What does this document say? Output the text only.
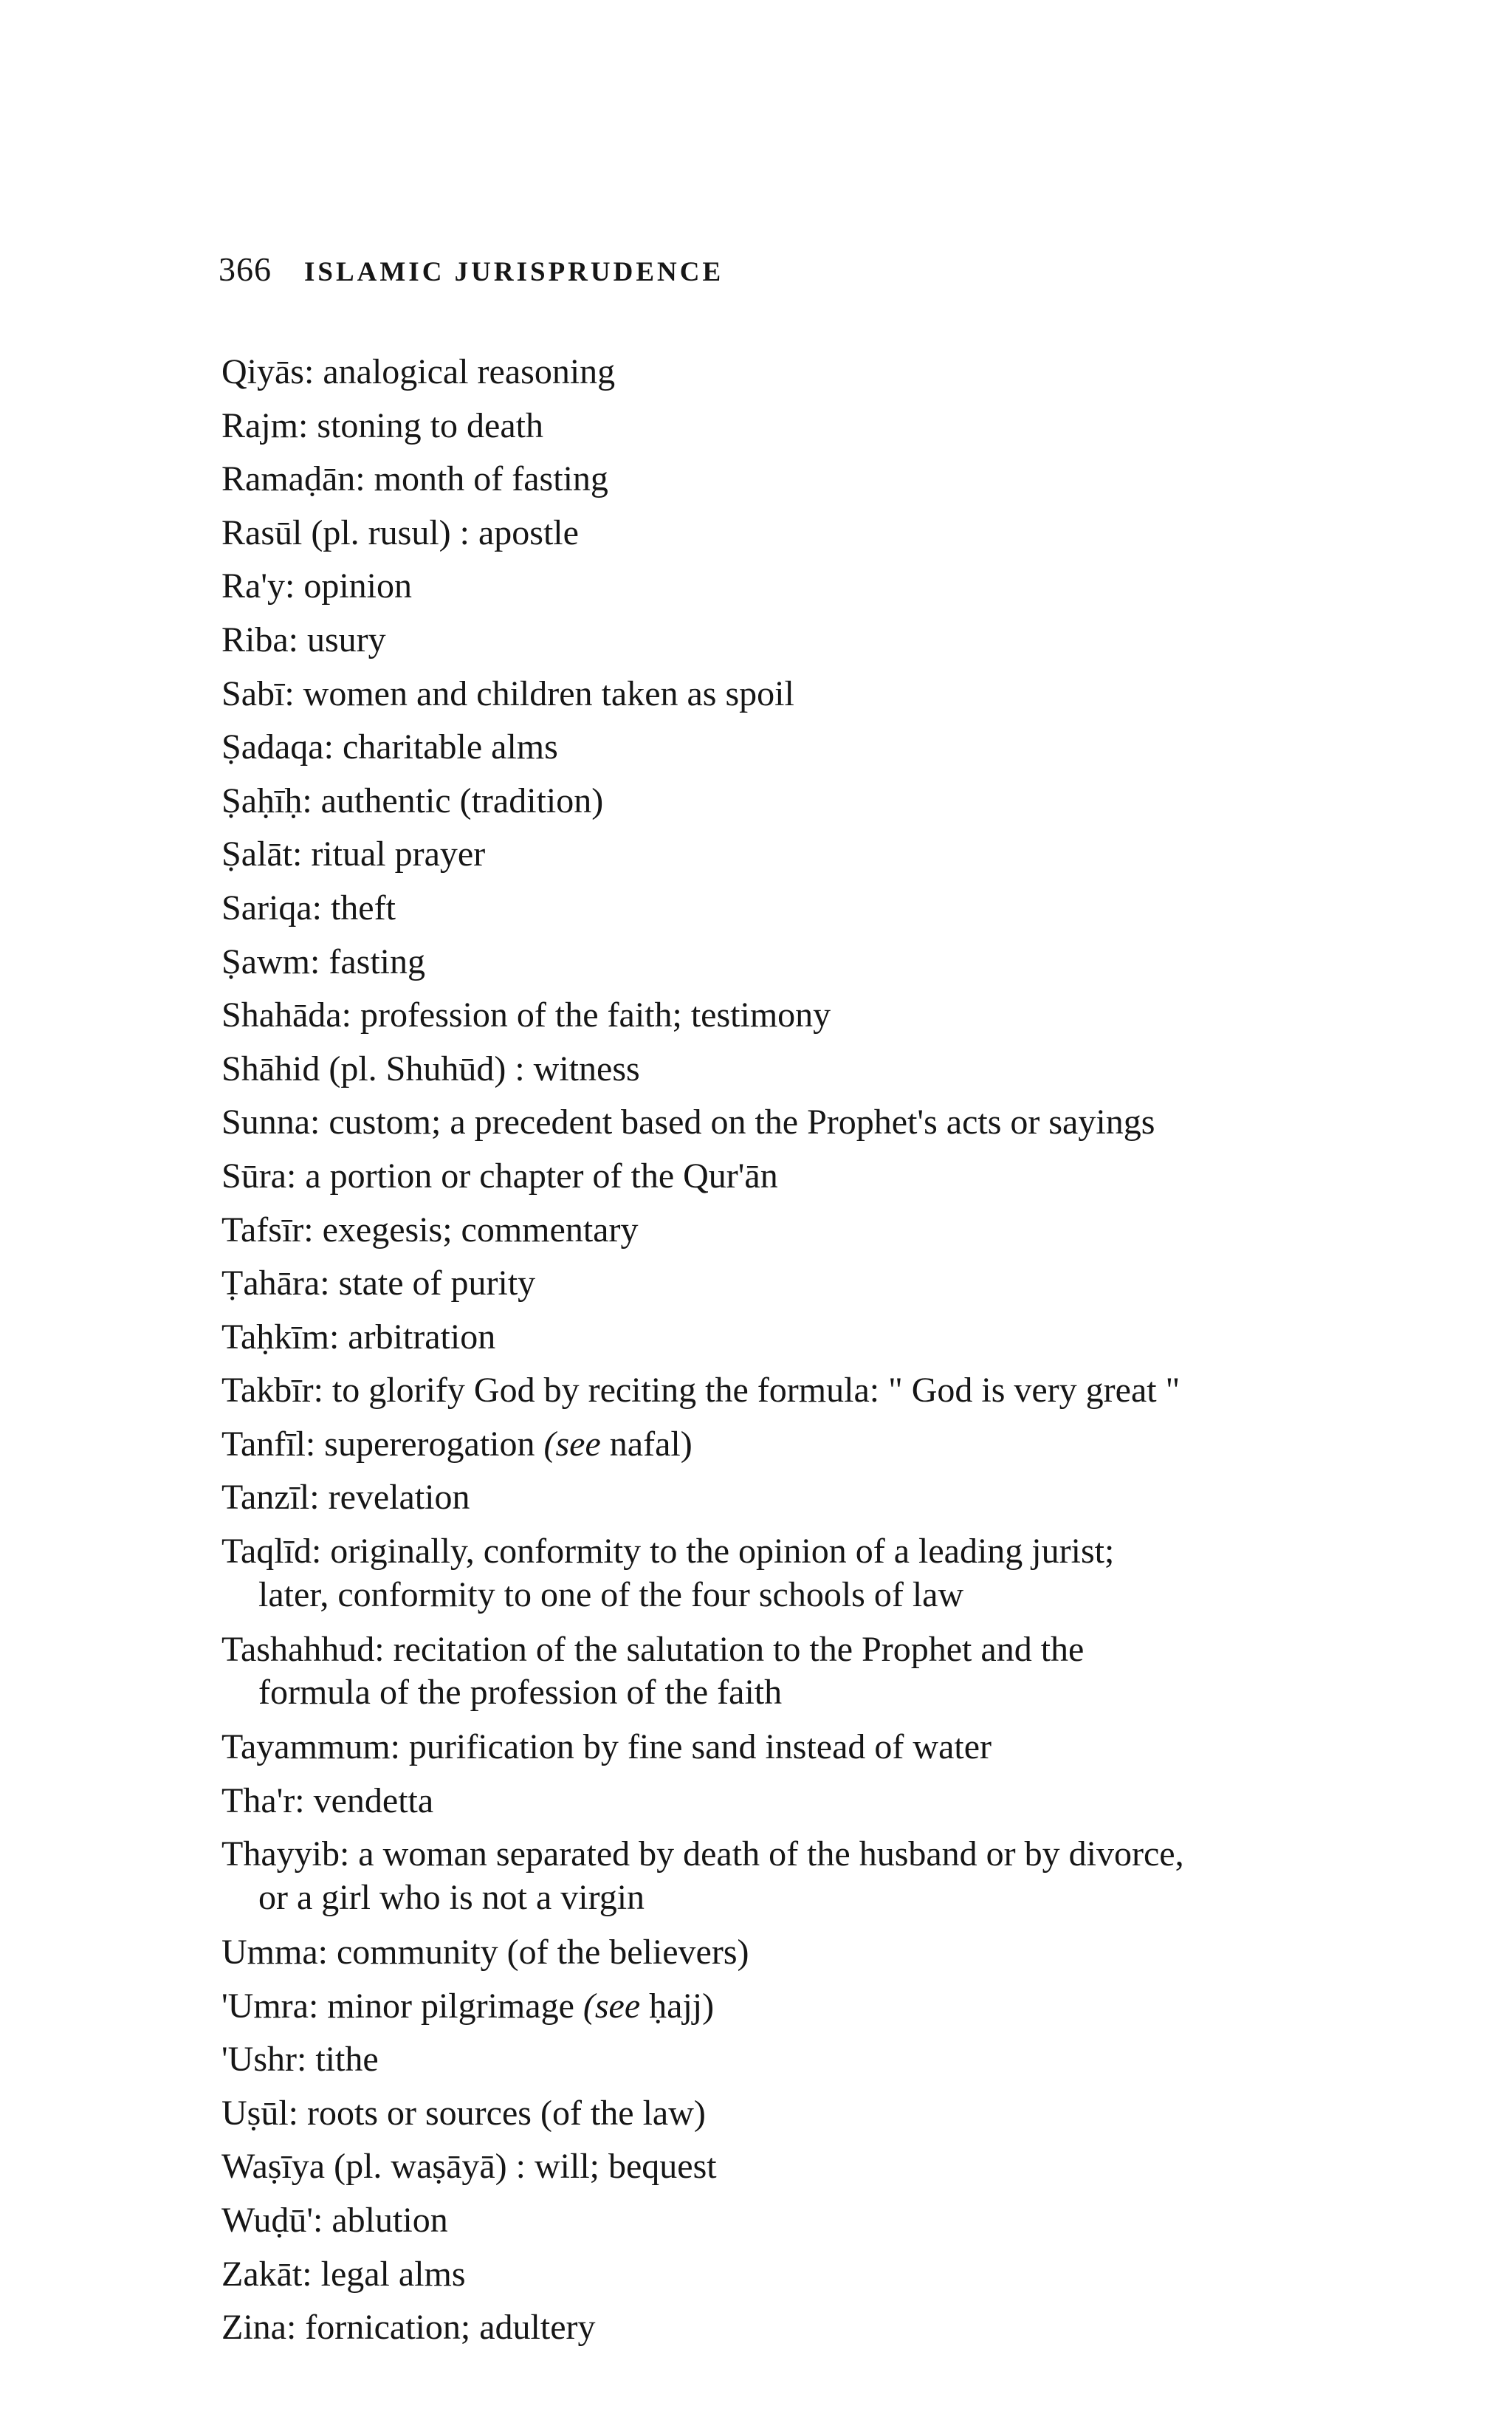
366 ISLAMIC JURISPRUDENCE
Qiyās: analogical reasoning
Rajm: stoning to death
Ramaḍān: month of fasting
Rasūl (pl. rusul) : apostle
Ra'y: opinion
Riba: usury
Sabī: women and children taken as spoil
Ṣadaqa: charitable alms
Ṣaḥīḥ: authentic (tradition)
Ṣalāt: ritual prayer
Sariqa: theft
Ṣawm: fasting
Shahāda: profession of the faith; testimony
Shāhid (pl. Shuhūd) : witness
Sunna: custom; a precedent based on the Prophet's acts or sayings
Sūra: a portion or chapter of the Qur'ān
Tafsīr: exegesis; commentary
Ṭahāra: state of purity
Taḥkīm: arbitration
Takbīr: to glorify God by reciting the formula: " God is very great "
Tanfīl: supererogation (see nafal)
Tanzīl: revelation
Taqlīd: originally, conformity to the opinion of a leading jurist;
later, conformity to one of the four schools of law
Tashahhud: recitation of the salutation to the Prophet and the
formula of the profession of the faith
Tayammum: purification by fine sand instead of water
Tha'r: vendetta
Thayyib: a woman separated by death of the husband or by divorce,
or a girl who is not a virgin
Umma: community (of the believers)
'Umra: minor pilgrimage (see ḥajj)
'Ushr: tithe
Uṣūl: roots or sources (of the law)
Waṣīya (pl. waṣāyā) : will; bequest
Wuḍū': ablution
Zakāt: legal alms
Zina: fornication; adultery
